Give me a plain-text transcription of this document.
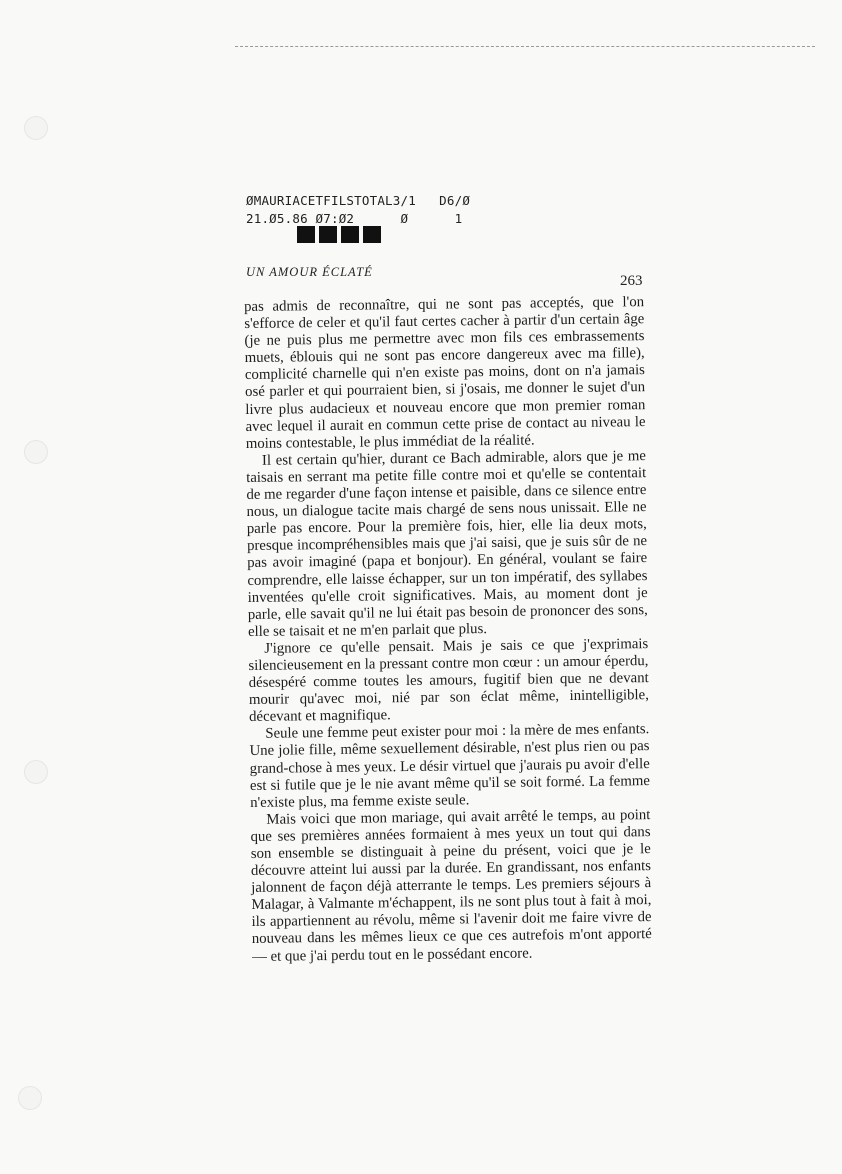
ØMAURIACETFILSTOTAL3/1   D6/Ø
21.Ø5.86 Ø7:Ø2      Ø      1
UN AMOUR ÉCLATÉ
263

pas admis de reconnaître, qui ne sont pas acceptés, que l'on s'efforce de celer et qu'il faut certes cacher à partir d'un certain âge (je ne puis plus me permettre avec mon fils ces embrassements muets, éblouis qui ne sont pas encore dangereux avec ma fille), complicité charnelle qui n'en existe pas moins, dont on n'a jamais osé parler et qui pourraient bien, si j'osais, me donner le sujet d'un livre plus audacieux et nouveau encore que mon premier roman avec lequel il aurait en commun cette prise de contact au niveau le moins contestable, le plus immédiat de la réalité.

Il est certain qu'hier, durant ce Bach admirable, alors que je me taisais en serrant ma petite fille contre moi et qu'elle se contentait de me regarder d'une façon intense et paisible, dans ce silence entre nous, un dialogue tacite mais chargé de sens nous unissait. Elle ne parle pas encore. Pour la première fois, hier, elle lia deux mots, presque incompréhensibles mais que j'ai saisi, que je suis sûr de ne pas avoir imaginé (papa et bonjour). En général, voulant se faire comprendre, elle laisse échapper, sur un ton impératif, des syllabes inventées qu'elle croit significatives. Mais, au moment dont je parle, elle savait qu'il ne lui était pas besoin de prononcer des sons, elle se taisait et ne m'en parlait que plus.

J'ignore ce qu'elle pensait. Mais je sais ce que j'exprimais silencieusement en la pressant contre mon cœur : un amour éperdu, désespéré comme toutes les amours, fugitif bien que ne devant mourir qu'avec moi, nié par son éclat même, inintelligible, décevant et magnifique.

Seule une femme peut exister pour moi : la mère de mes enfants. Une jolie fille, même sexuellement désirable, n'est plus rien ou pas grand-chose à mes yeux. Le désir virtuel que j'aurais pu avoir d'elle est si futile que je le nie avant même qu'il se soit formé. La femme n'existe plus, ma femme existe seule.

Mais voici que mon mariage, qui avait arrêté le temps, au point que ses premières années formaient à mes yeux un tout qui dans son ensemble se distinguait à peine du présent, voici que je le découvre atteint lui aussi par la durée. En grandissant, nos enfants jalonnent de façon déjà atterrante le temps. Les premiers séjours à Malagar, à Valmante m'échappent, ils ne sont plus tout à fait à moi, ils appartiennent au révolu, même si l'avenir doit me faire vivre de nouveau dans les mêmes lieux ce que ces autrefois m'ont apporté — et que j'ai perdu tout en le possédant encore.
